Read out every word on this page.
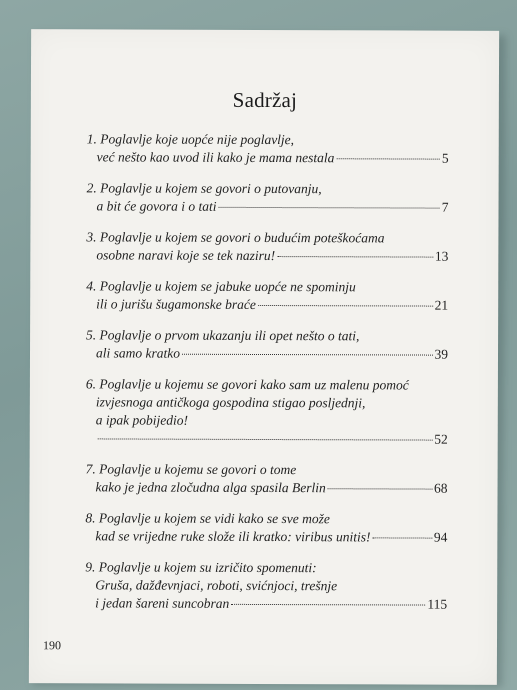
Sadržaj
1. Poglavlje koje uopće nije poglavlje,
već nešto kao uvod ili kako je mama nestala	5
2. Poglavlje u kojem se govori o putovanju,
a bit će govora i o tati	7
3. Poglavlje u kojem se govori o budućim poteškoćama
osobne naravi koje se tek naziru!	13
4. Poglavlje u kojem se jabuke uopće ne spominju
ili o jurišu šugamonske braće	21
5. Poglavlje o prvom ukazanju ili opet nešto o tati,
ali samo kratko	39
6. Poglavlje u kojemu se govori kako sam uz malenu pomoć
izvjesnoga antičkoga gospodina stigao posljednji,
a ipak pobijedio!
52
7. Poglavlje u kojemu se govori o tome
kako je jedna zločudna alga spasila Berlin	68
8. Poglavlje u kojem se vidi kako se sve može
kad se vrijedne ruke slože ili kratko: viribus unitis!	94
9. Poglavlje u kojem su izričito spomenuti:
Gruša, dažđevnjaci, roboti, svićnjoci, trešnje
i jedan šareni suncobran	115
190
